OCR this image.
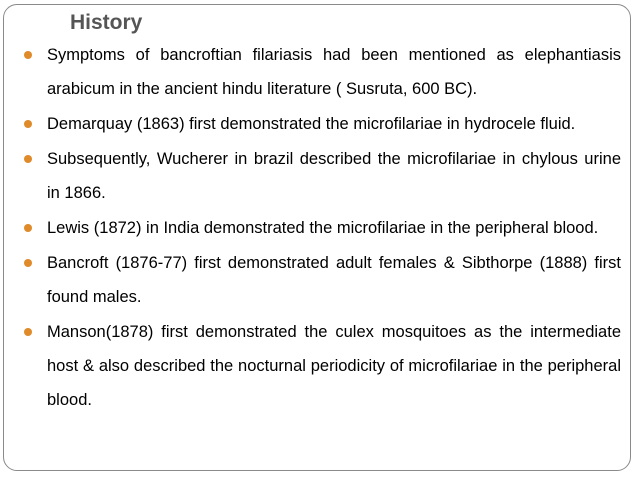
History
Symptoms of bancroftian filariasis had been mentioned as elephantiasis arabicum in the ancient hindu literature ( Susruta, 600 BC).
Demarquay (1863) first demonstrated the microfilariae in hydrocele fluid.
Subsequently, Wucherer in brazil described the microfilariae in chylous urine in 1866.
Lewis (1872) in India demonstrated the microfilariae in the peripheral blood.
Bancroft (1876-77) first demonstrated adult females & Sibthorpe (1888) first found males.
Manson(1878) first demonstrated the culex mosquitoes as the intermediate host & also described the nocturnal periodicity of microfilariae in the peripheral blood.
